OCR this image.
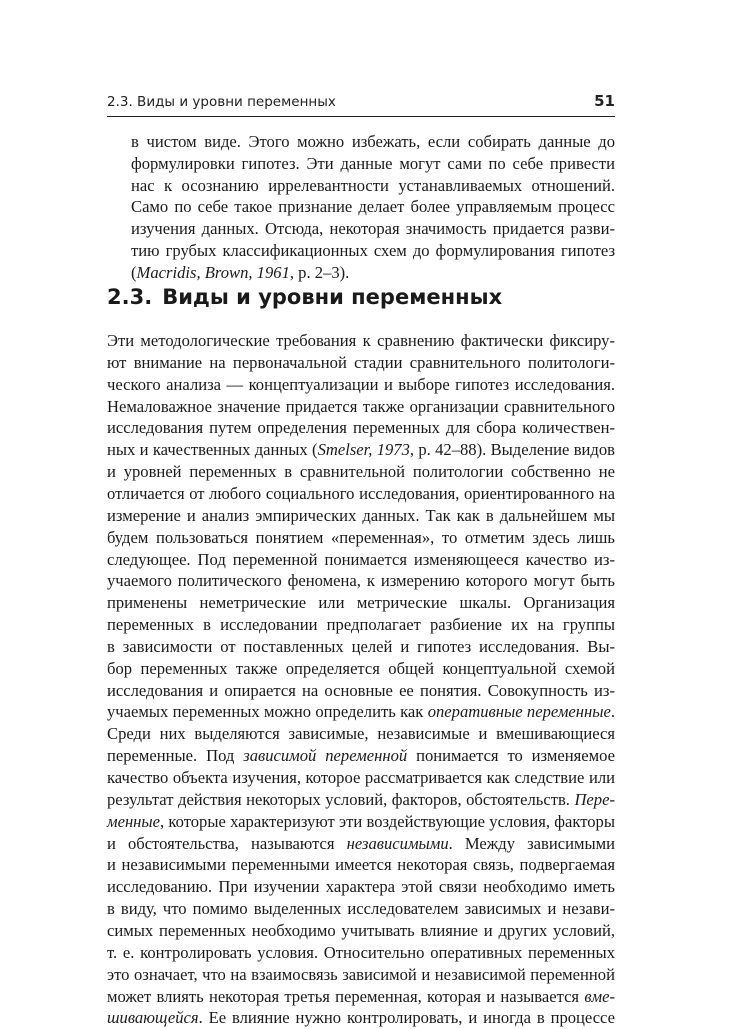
2.3. Виды и уровни переменных	51
в чистом виде. Этого можно избежать, если собирать данные до
формулировки гипотез. Эти данные могут сами по себе привести
нас к осознанию иррелевантности устанавливаемых отношений.
Само по себе такое признание делает более управляемым процесс
изучения данных. Отсюда, некоторая значимость придается разви-
тию грубых классификационных схем до формулирования гипотез
(Macridis, Brown, 1961, p. 2–3).
2.3. Виды и уровни переменных
Эти методологические требования к сравнению фактически фиксиру-
ют внимание на первоначальной стадии сравнительного политологи-
ческого анализа — концептуализации и выборе гипотез исследования.
Немаловажное значение придается также организации сравнительного
исследования путем определения переменных для сбора количествен-
ных и качественных данных (Smelser, 1973, p. 42–88). Выделение видов
и уровней переменных в сравнительной политологии собственно не
отличается от любого социального исследования, ориентированного на
измерение и анализ эмпирических данных. Так как в дальнейшем мы
будем пользоваться понятием «переменная», то отметим здесь лишь
следующее. Под переменной понимается изменяющееся качество из-
учаемого политического феномена, к измерению которого могут быть
применены неметрические или метрические шкалы. Организация
переменных в исследовании предполагает разбиение их на группы
в зависимости от поставленных целей и гипотез исследования. Вы-
бор переменных также определяется общей концептуальной схемой
исследования и опирается на основные ее понятия. Совокупность из-
учаемых переменных можно определить как оперативные переменные.
Среди них выделяются зависимые, независимые и вмешивающиеся
переменные. Под зависимой переменной понимается то изменяемое
качество объекта изучения, которое рассматривается как следствие или
результат действия некоторых условий, факторов, обстоятельств. Пере-
менные, которые характеризуют эти воздействующие условия, факторы
и обстоятельства, называются независимыми. Между зависимыми
и независимыми переменными имеется некоторая связь, подвергаемая
исследованию. При изучении характера этой связи необходимо иметь
в виду, что помимо выделенных исследователем зависимых и незави-
симых переменных необходимо учитывать влияние и других условий,
т. е. контролировать условия. Относительно оперативных переменных
это означает, что на взаимосвязь зависимой и независимой переменной
может влиять некоторая третья переменная, которая и называется вме-
шивающейся. Ее влияние нужно контролировать, и иногда в процессе
